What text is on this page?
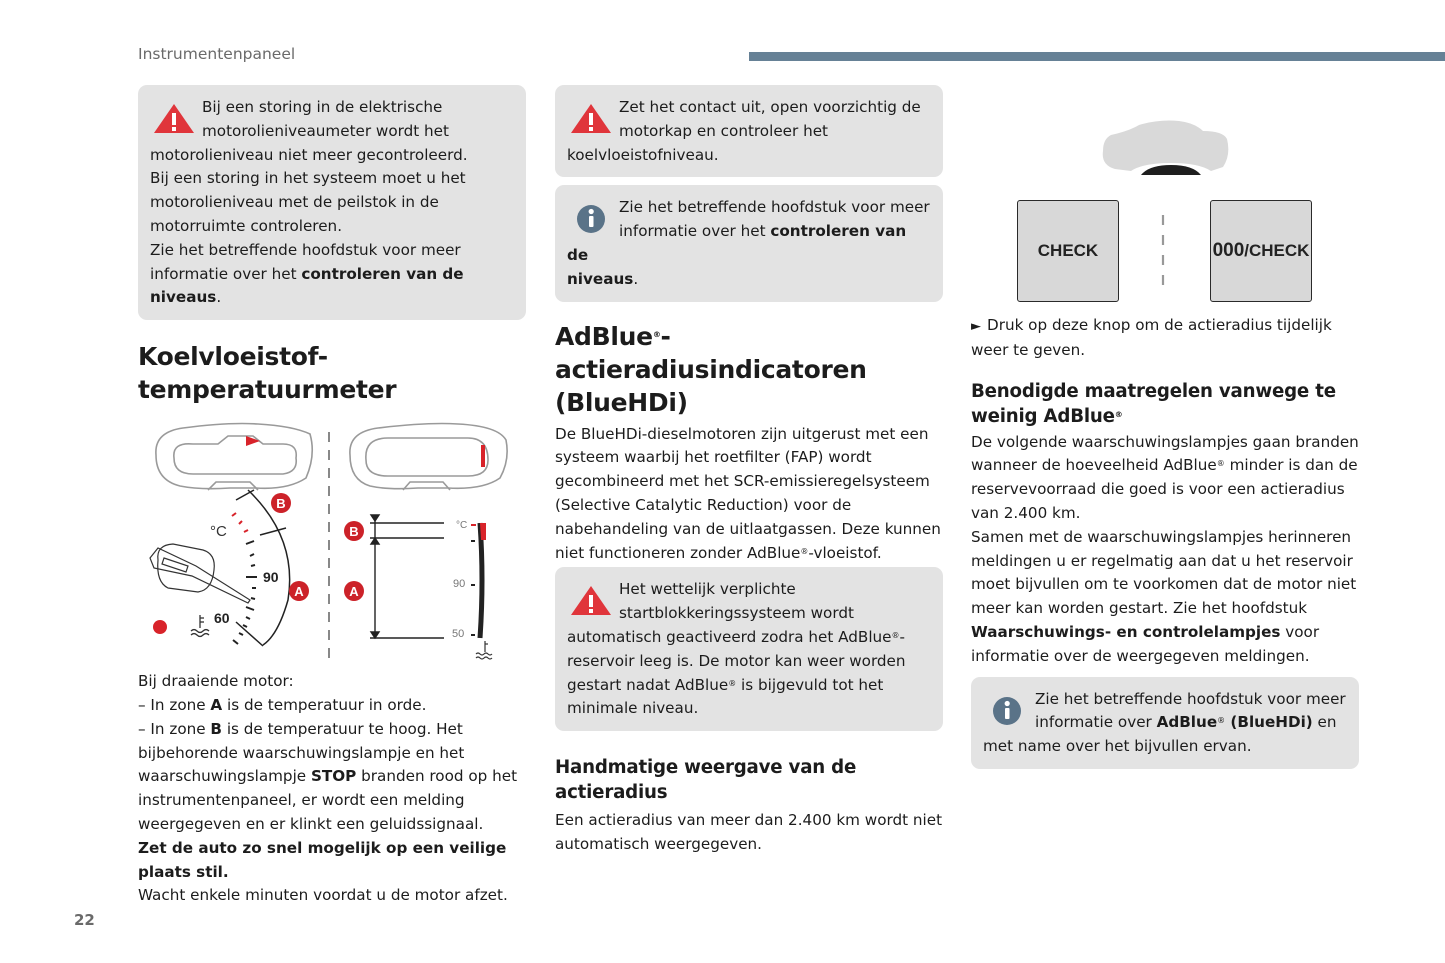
Instrumentenpaneel
Bij een storing in de elektrische
motorolieniveaumeter wordt het
motorolieniveau niet meer gecontroleerd.
Bij een storing in het systeem moet u het motorolieniveau met de peilstok in de motorruimte controleren.
Zie het betreffende hoofdstuk voor meer informatie over het controleren van de niveaus.
Koelvloeistof-
temperatuurmeter
°C
90
60
B
A
B
A
°C
90
50

Bij draaiende motor:
– In zone A is de temperatuur in orde.
– In zone B is de temperatuur te hoog. Het bijbehorende waarschuwingslampje en het waarschuwingslampje STOP branden rood op het instrumentenpaneel, er wordt een melding weergegeven en er klinkt een geluidssignaal.
Zet de auto zo snel mogelijk op een veilige plaats stil.
Wacht enkele minuten voordat u de motor afzet.

Zet het contact uit, open voorzichtig de
motorkap en controleer het
koelvloeistofniveau.
Zie het betreffende hoofdstuk voor meer
informatie over het controleren van de
niveaus.
AdBlue®-
actieradiusindicatoren
(BlueHDi)

De BlueHDi-dieselmotoren zijn uitgerust met een systeem waarbij het roetfilter (FAP) wordt gecombineerd met het SCR-emissieregelsysteem (Selective Catalytic Reduction) voor de nabehandeling van de uitlaatgassen. Deze kunnen niet functioneren zonder AdBlue®-vloeistof.

Het wettelijk verplichte
startblokkeringssysteem wordt
automatisch geactiveerd zodra het AdBlue®-reservoir leeg is. De motor kan weer worden gestart nadat AdBlue® is bijgevuld tot het minimale niveau.
Handmatige weergave van de actieradius

Een actieradius van meer dan 2.400 km wordt niet automatisch weergegeven.

CHECK	000/CHECK

► Druk op deze knop om de actieradius tijdelijk weer te geven.

Benodigde maatregelen vanwege te weinig AdBlue®

De volgende waarschuwingslampjes gaan branden wanneer de hoeveelheid AdBlue® minder is dan de reservevoorraad die goed is voor een actieradius van 2.400 km.

Samen met de waarschuwingslampjes herinneren meldingen u er regelmatig aan dat u het reservoir moet bijvullen om te voorkomen dat de motor niet meer kan worden gestart. Zie het hoofdstuk Waarschuwings- en controlelampjes voor informatie over de weergegeven meldingen.

Zie het betreffende hoofdstuk voor meer
informatie over AdBlue® (BlueHDi) en
met name over het bijvullen ervan.
22
